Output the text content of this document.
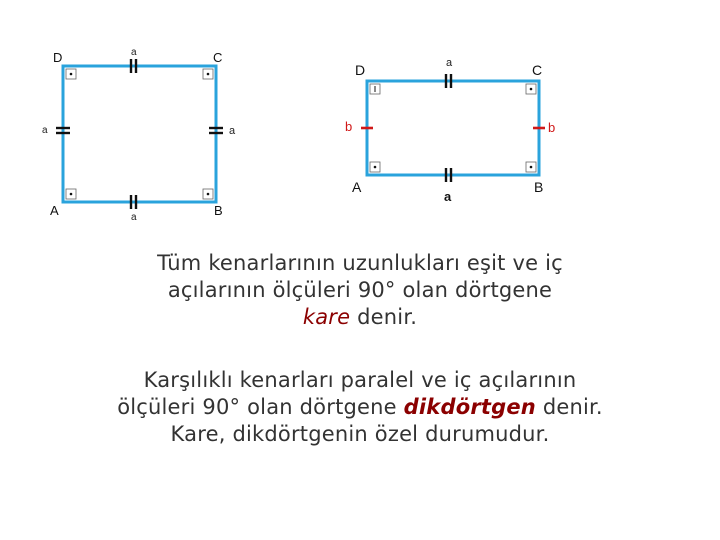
D	C
A	B
a
a
a	a
D	C
A	B
a
a
b	b
Tüm kenarlarının uzunlukları eşit ve iç
açılarının ölçüleri 90° olan dörtgene
kare denir.
Karşılıklı kenarları paralel ve iç açılarının
ölçüleri 90° olan dörtgene dikdörtgen denir.
Kare, dikdörtgenin özel durumudur.
